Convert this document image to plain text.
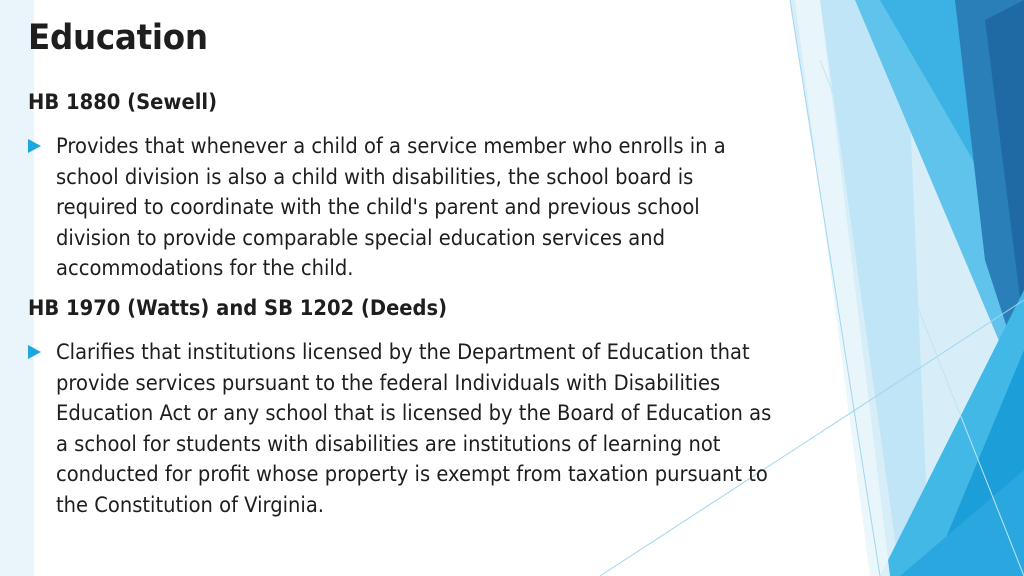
Education
HB 1880 (Sewell)
Provides that whenever a child of a service member who enrolls in a
school division is also a child with disabilities, the school board is
required to coordinate with the child's parent and previous school
division to provide comparable special education services and
accommodations for the child.
HB 1970 (Watts) and SB 1202 (Deeds)
Clarifies that institutions licensed by the Department of Education that
provide services pursuant to the federal Individuals with Disabilities
Education Act or any school that is licensed by the Board of Education as
a school for students with disabilities are institutions of learning not
conducted for profit whose property is exempt from taxation pursuant to
the Constitution of Virginia.
